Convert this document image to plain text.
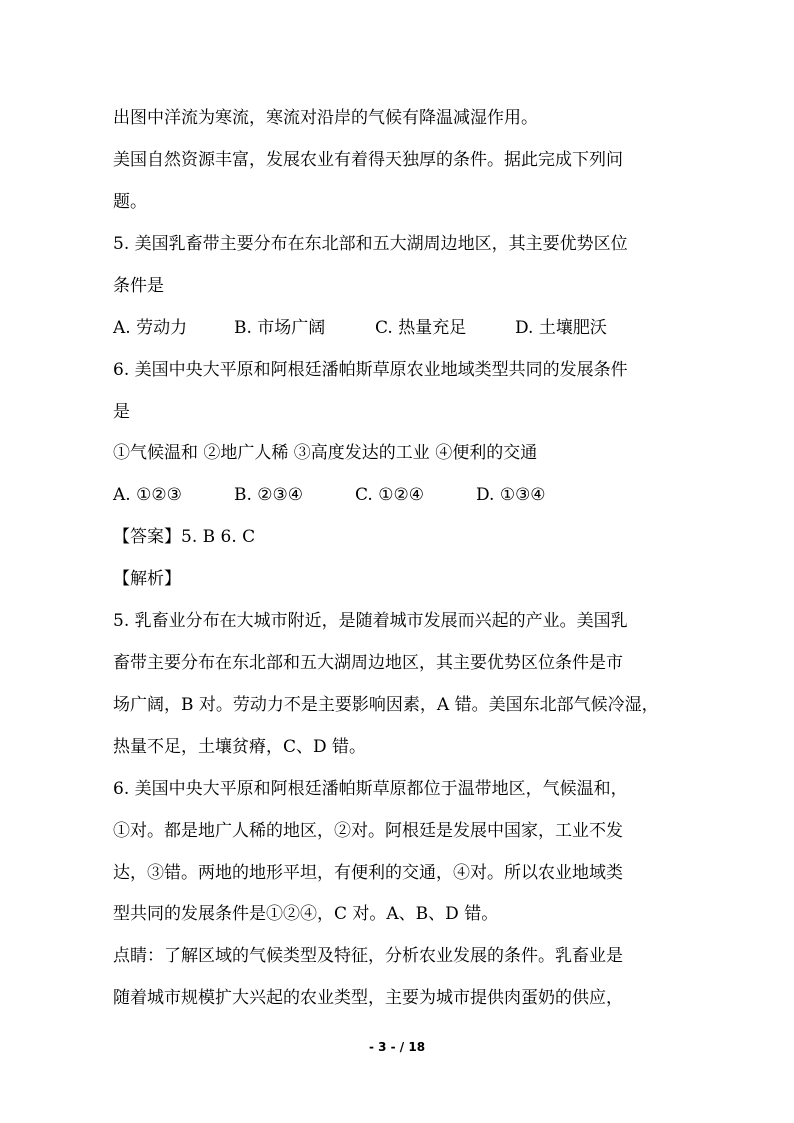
出图中洋流为寒流，寒流对沿岸的气候有降温减湿作用。
美国自然资源丰富，发展农业有着得天独厚的条件。据此完成下列问
题。
5. 美国乳畜带主要分布在东北部和五大湖周边地区，其主要优势区位
条件是
A. 劳动力	B. 市场广阔	C. 热量充足	D. 土壤肥沃
6. 美国中央大平原和阿根廷潘帕斯草原农业地域类型共同的发展条件
是
①气候温和 ②地广人稀 ③高度发达的工业 ④便利的交通
A. ①②③	B. ②③④	C. ①②④	D. ①③④
【答案】5. B 6. C
【解析】
5. 乳畜业分布在大城市附近，是随着城市发展而兴起的产业。美国乳
畜带主要分布在东北部和五大湖周边地区，其主要优势区位条件是市
场广阔，B 对。劳动力不是主要影响因素，A 错。美国东北部气候冷湿，
热量不足，土壤贫瘠，C、D 错。
6. 美国中央大平原和阿根廷潘帕斯草原都位于温带地区，气候温和，
①对。都是地广人稀的地区，②对。阿根廷是发展中国家，工业不发
达，③错。两地的地形平坦，有便利的交通，④对。所以农业地域类
型共同的发展条件是①②④，C 对。A、B、D 错。
点睛：了解区域的气候类型及特征，分析农业发展的条件。乳畜业是
随着城市规模扩大兴起的农业类型，主要为城市提供肉蛋奶的供应，
- 3 - / 18
